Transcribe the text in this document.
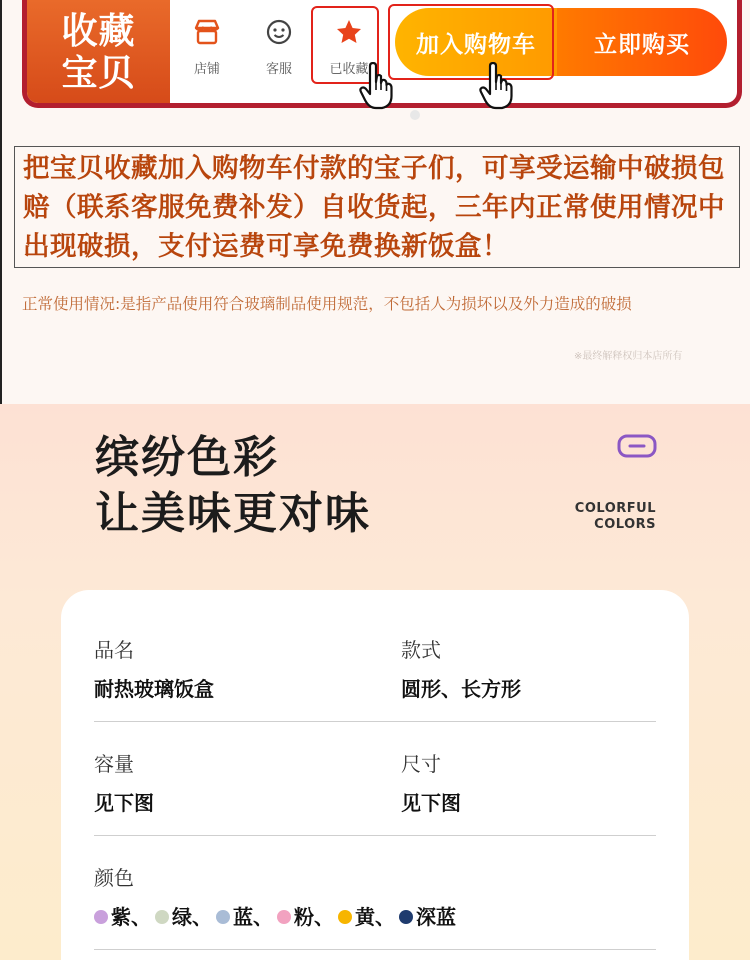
收藏
宝贝	店铺	客服	已收藏
加入购物车	立即购买
把宝贝收藏加入购物车付款的宝子们，可享受运输中破损包赔（联系客服免费补发）自收货起，三年内正常使用情况中出现破损，支付运费可享免费换新饭盒！
正常使用情况:是指产品使用符合玻璃制品使用规范，不包括人为损坏以及外力造成的破损
※最终解释权归本店所有
缤纷色彩
让美味更对味	COLORFUL
COLORS
品名
耐热玻璃饭盒
款式
圆形、长方形
容量
见下图
尺寸
见下图
颜色
紫 、 绿 、 蓝 、 粉 、 黄 、 深蓝
